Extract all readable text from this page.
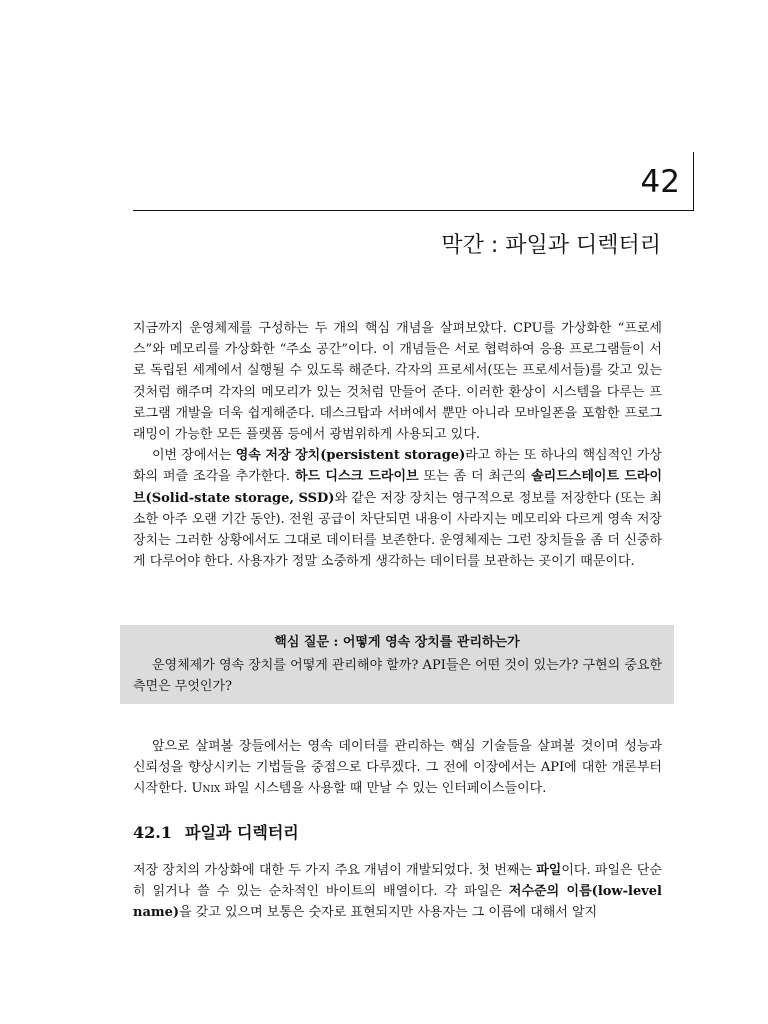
42
막간 : 파일과 디렉터리

지금까지 운영체제를 구성하는 두 개의 핵심 개념을 살펴보았다. CPU를 가상화한 “프로세스”와 메모리를 가상화한 “주소 공간”이다. 이 개념들은 서로 협력하여 응용 프로그램들이 서로 독립된 세계에서 실행될 수 있도록 해준다. 각자의 프로세서(또는 프로세서들)를 갖고 있는 것처럼 해주며 각자의 메모리가 있는 것처럼 만들어 준다. 이러한 환상이 시스템을 다루는 프로그램 개발을 더욱 쉽게해준다. 데스크탑과 서버에서 뿐만 아니라 모바일폰을 포함한 프로그래밍이 가능한 모든 플랫폼 등에서 광범위하게 사용되고 있다.

이번 장에서는 영속 저장 장치(persistent storage)라고 하는 또 하나의 핵심적인 가상화의 퍼즐 조각을 추가한다. 하드 디스크 드라이브 또는 좀 더 최근의 솔리드스테이트 드라이브(Solid-state storage, SSD)와 같은 저장 장치는 영구적으로 정보를 저장한다 (또는 최소한 아주 오랜 기간 동안). 전원 공급이 차단되면 내용이 사라지는 메모리와 다르게 영속 저장 장치는 그러한 상황에서도 그대로 데이터를 보존한다. 운영체제는 그런 장치들을 좀 더 신중하게 다루어야 한다. 사용자가 정말 소중하게 생각하는 데이터를 보관하는 곳이기 때문이다.

핵심 질문 : 어떻게 영속 장치를 관리하는가

운영체제가 영속 장치를 어떻게 관리해야 할까? API들은 어떤 것이 있는가? 구현의 중요한 측면은 무엇인가?

앞으로 살펴볼 장들에서는 영속 데이터를 관리하는 핵심 기술들을 살펴볼 것이며 성능과 신뢰성을 향상시키는 기법들을 중점으로 다루겠다. 그 전에 이장에서는 API에 대한 개론부터 시작한다. Unix 파일 시스템을 사용할 때 만날 수 있는 인터페이스들이다.

42.1 파일과 디렉터리

저장 장치의 가상화에 대한 두 가지 주요 개념이 개발되었다. 첫 번째는 파일이다. 파일은 단순히 읽거나 쓸 수 있는 순차적인 바이트의 배열이다. 각 파일은 저수준의 이름(low-level name)을 갖고 있으며 보통은 숫자로 표현되지만 사용자는 그 이름에 대해서 알지
